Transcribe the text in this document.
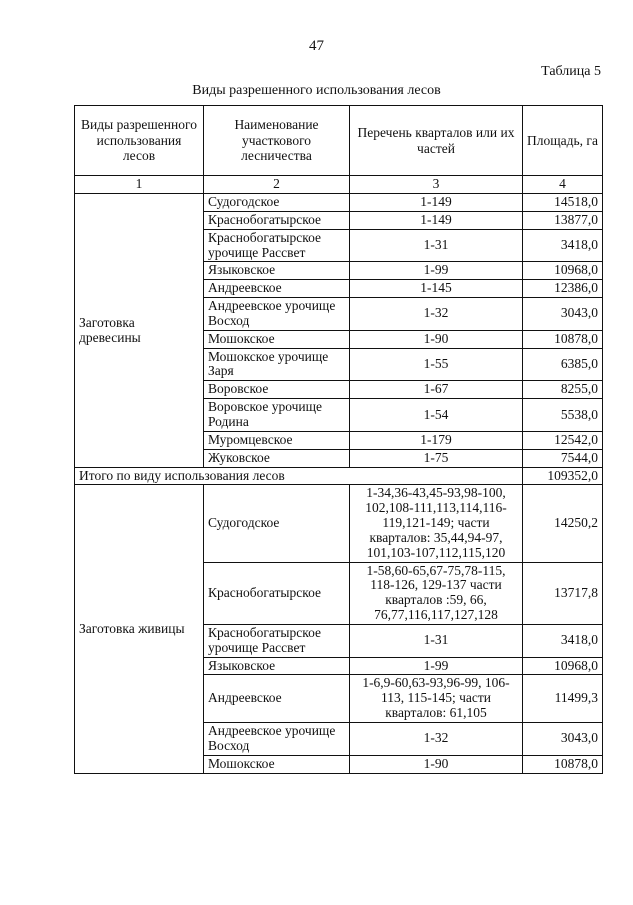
47
Таблица 5
Виды разрешенного использования лесов
Виды разрешенного использования лесов	Наименование участкового лесничества	Перечень кварталов или их частей	Площадь, га
1	2	3	4
Заготовка древесины	Судогодское	1-149	14518,0
	Краснобогатырское	1-149	13877,0
	Краснобогатырское урочище Рассвет	1-31	3418,0
	Языковское	1-99	10968,0
	Андреевское	1-145	12386,0
	Андреевское урочище Восход	1-32	3043,0
	Мошокское	1-90	10878,0
	Мошокское урочище Заря	1-55	6385,0
	Воровское	1-67	8255,0
	Воровское урочище Родина	1-54	5538,0
	Муромцевское	1-179	12542,0
	Жуковское	1-75	7544,0
Итого по виду использования лесов			109352,0
Заготовка живицы	Судогодское	1-34,36-43,45-93,98-100, 102,108-111,113,114,116-119,121-149; части кварталов: 35,44,94-97, 101,103-107,112,115,120	14250,2
	Краснобогатырское	1-58,60-65,67-75,78-115, 118-126, 129-137 части кварталов :59, 66, 76,77,116,117,127,128	13717,8
	Краснобогатырское урочище Рассвет	1-31	3418,0
	Языковское	1-99	10968,0
	Андреевское	1-6,9-60,63-93,96-99, 106-113, 115-145; части кварталов: 61,105	11499,3
	Андреевское урочище Восход	1-32	3043,0
	Мошокское	1-90	10878,0
